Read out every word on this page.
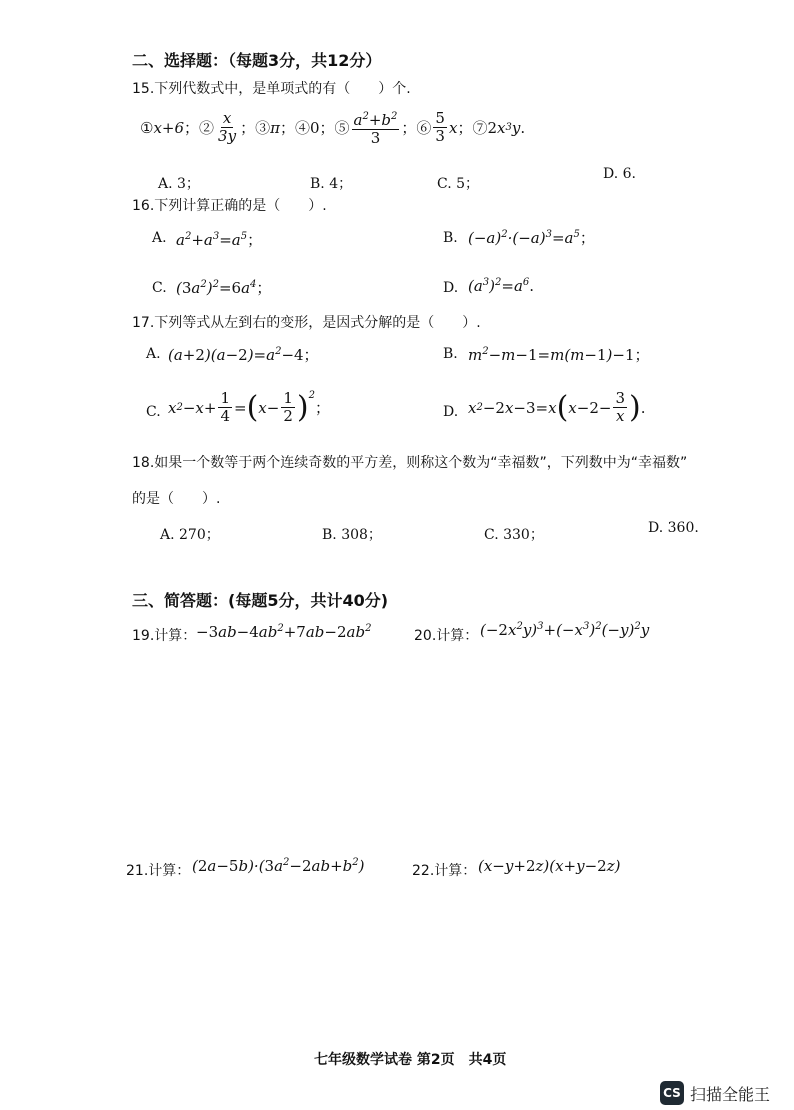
二、选择题：（每题3分，共12分）
15.下列代数式中，是单项式的有（　　）个.
① x+6 ；② $\frac{x}{3y}$ ；③ π ；④ 0 ；⑤ $\frac{a^2+b^2}{3}$ ；⑥ $\frac{5}{3}$ x ；⑦ 2 x 3 y .
A. 3；	B. 4；	C. 5；
D. 6.
16.下列计算正确的是（　　）.
A. $a^2+a^3=a^5$；	B. $(-a)^2\cdot(-a)^3=a^5$；
C. $(3a^2)^2=6a^4$；	D. $(a^3)^2=a^6$.
17.下列等式从左到右的变形，是因式分解的是（　　）.
A. $(a+2)(a-2)=a^2-4$；	B. $m^2-m-1=m(m-1)-1$；
C. x $2 -x+ \frac{1}{4}$ = ( $x- \frac{1}{2} )^2$
；	D. x 2 − 2 x− 3 =x ( $x- 2 - \frac{3}{x}$ ) .
18.如果一个数等于两个连续奇数的平方差，则称这个数为“幸福数”，下列数中为“幸福数”
的是（　　）.
A. 270；	B. 308；	C. 330；	D. 360.
三、简答题：(每题5分，共计40分)
19.计算： $-3ab-4ab^2+7ab-2ab^2$	20.计算： $(-2x^2y)^3+(-x^3)^2(-y)^2y$
21.计算： $(2a-5b)\cdot(3a^2-2ab+b^2)$	22.计算： (x−y+2z)(x+y−2z)
七年级数学试卷 第2页　共4页
CS 扫描全能王
